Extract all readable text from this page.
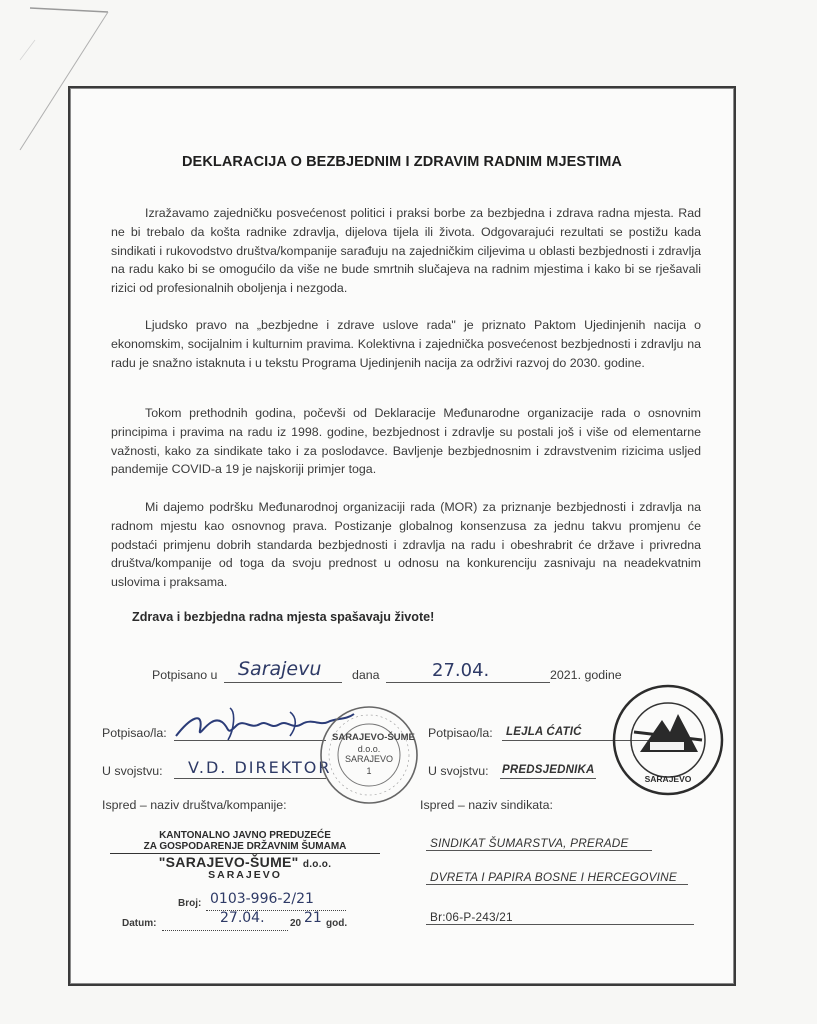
DEKLARACIJA O BEZBJEDNIM I ZDRAVIM RADNIM MJESTIMA
Izražavamo zajedničku posvećenost politici i praksi borbe za bezbjedna i zdrava radna mjesta. Rad ne bi trebalo da košta radnike zdravlja, dijelova tijela ili života. Odgovarajući rezultati se postižu kada sindikati i rukovodstvo društva/kompanije sarađuju na zajedničkim ciljevima u oblasti bezbjednosti i zdravlja na radu kako bi se omogućilo da više ne bude smrtnih slučajeva na radnim mjestima i kako bi se rješavali rizici od profesionalnih oboljenja i nezgoda.
Ljudsko pravo na „bezbjedne i zdrave uslove rada" je priznato Paktom Ujedinjenih nacija o ekonomskim, socijalnim i kulturnim pravima. Kolektivna i zajednička posvećenost bezbjednosti i zdravlju na radu je snažno istaknuta i u tekstu Programa Ujedinjenih nacija za održivi razvoj do 2030. godine.
Tokom prethodnih godina, počevši od Deklaracije Međunarodne organizacije rada o osnovnim principima i pravima na radu iz 1998. godine, bezbjednost i zdravlje su postali još i više od elementarne važnosti, kako za sindikate tako i za poslodavce. Bavljenje bezbjednosnim i zdravstvenim rizicima usljed pandemije COVID-a 19 je najskoriji primjer toga.
Mi dajemo podršku Međunarodnoj organizaciji rada (MOR) za priznanje bezbjednosti i zdravlja na radnom mjestu kao osnovnog prava. Postizanje globalnog konsenzusa za jednu takvu promjenu će podstaći primjenu dobrih standarda bezbjednosti i zdravlja na radu i obeshrabrit će države i privredna društva/kompanije od toga da svoju prednost u odnosu na konkurenciju zasnivaju na neadekvatnim uslovima i praksama.
Zdrava i bezbjedna radna mjesta spašavaju živote!
Potpisano u Sarajevu dana	27.04.	2021. godine
Potpisao/la:
U svojstvu: V.D. DIREKTOR
Ispred – naziv društva/kompanije:
SARAJEVO-ŠUME
d.o.o.
SARAJEVO
1
Potpisao/la: LEJLA ĆATIĆ
U svojstvu: PREDSJEDNIKA
Ispred – naziv sindikata:
SARAJEVO
SINDIKAT ŠUMARSTVA, PRERADE
DVRETA I PAPIRA BOSNE I HERCEGOVINE
Br:06-P-243/21
KANTONALNO JAVNO PREDUZEĆE
ZA GOSPODARENJE DRŽAVNIM ŠUMAMA
"SARAJEVO-ŠUME" d.o.o.
SARAJEVO
Broj: 0103-996-2/21
Datum:	27.04.	20 21 god.
